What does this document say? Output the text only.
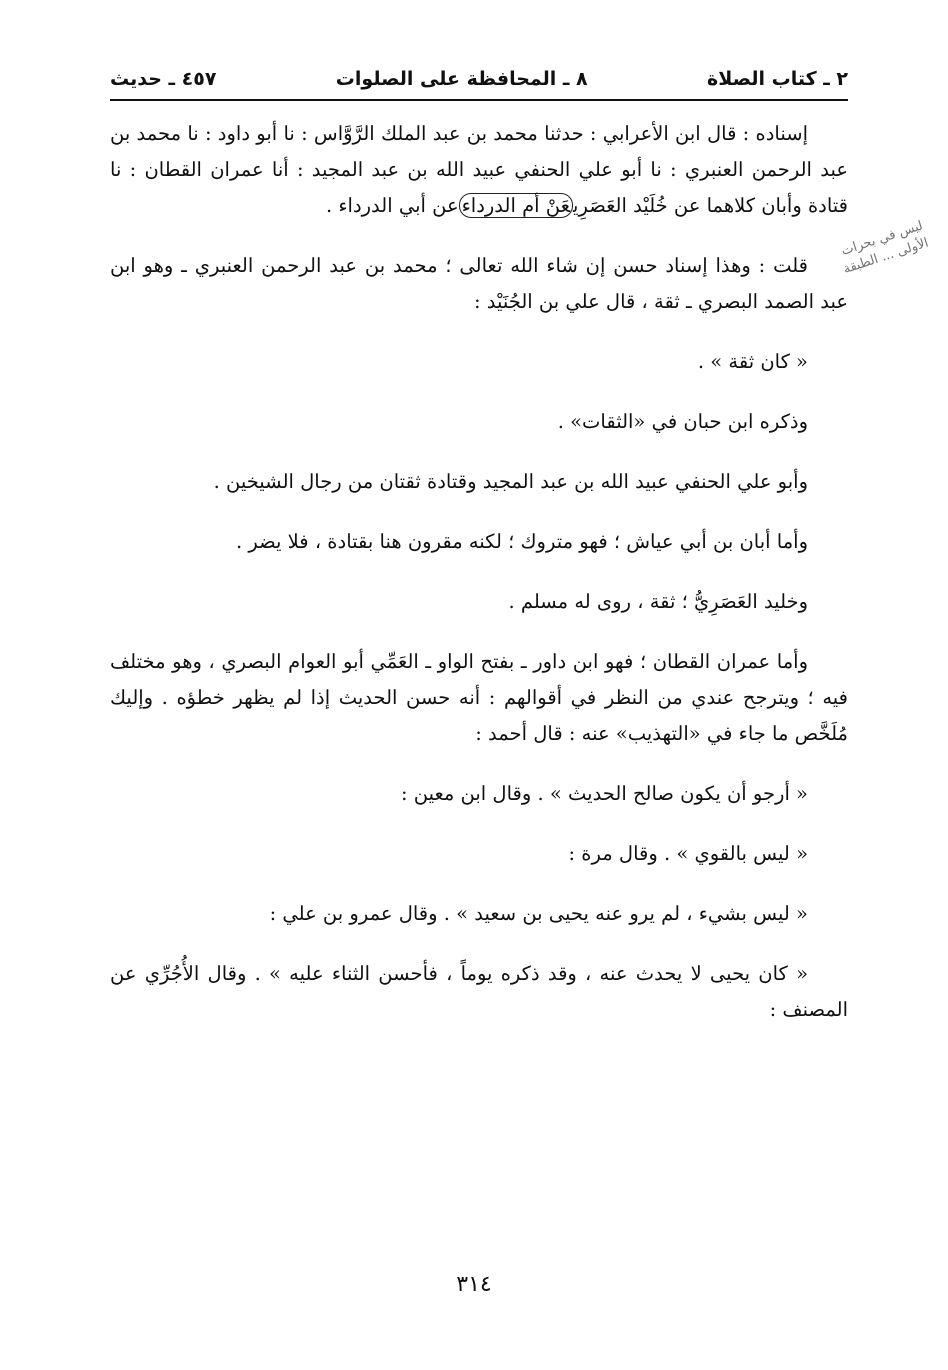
٢ ـ كتاب الصلاة
٨ ـ المحافظة على الصلوات
٤٥٧ ـ حديث

إسناده : قال ابن الأعرابي : حدثنا محمد بن عبد الملك الرَّوَّاس : نا أبو داود : نا محمد بن عبد الرحمن العنبري : نا أبو علي الحنفي عبيد الله بن عبد المجيد : أنا عمران القطان : نا قتادة وأبان كلاهما عن خُلَيْد العَصَرِيعَنْ أم الدرداءعن أبي الدرداء .

قلت : وهذا إسناد حسن إن شاء الله تعالى ؛ محمد بن عبد الرحمن العنبري ـ وهو ابن عبد الصمد البصري ـ ثقة ، قال علي بن الجُنَيْد :

« كان ثقة » .

وذكره ابن حبان في «الثقات» .

وأبو علي الحنفي عبيد الله بن عبد المجيد وقتادة ثقتان من رجال الشيخين .

وأما أبان بن أبي عياش ؛ فهو متروك ؛ لكنه مقرون هنا بقتادة ، فلا يضر .

وخليد العَصَرِيُّ ؛ ثقة ، روى له مسلم .

وأما عمران القطان ؛ فهو ابن داور ـ بفتح الواو ـ العَمِّي أبو العوام البصري ، وهو مختلف فيه ؛ ويترجح عندي من النظر في أقوالهم : أنه حسن الحديث إذا لم يظهر خطؤه . وإليك مُلَخَّص ما جاء في «التهذيب» عنه : قال أحمد :

« أرجو أن يكون صالح الحديث » . وقال ابن معين :

« ليس بالقوي » . وقال مرة :

« ليس بشيء ، لم يرو عنه يحيى بن سعيد » . وقال عمرو بن علي :

« كان يحيى لا يحدث عنه ، وقد ذكره يوماً ، فأحسن الثناء عليه » . وقال الأُجُرِّي عن المصنف :

ليس في بحرات الأولى ... الطبقة
٣١٤
